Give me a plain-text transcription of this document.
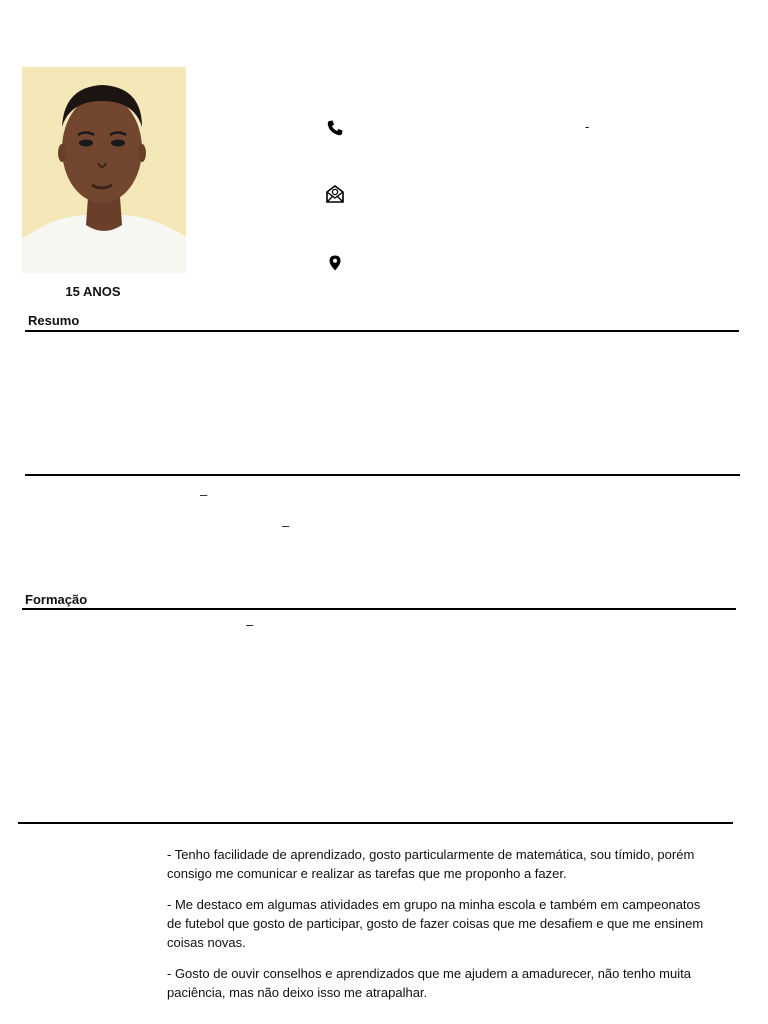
15 ANOS
-
Resumo
–
–
Formação
–

- Tenho facilidade de aprendizado, gosto particularmente de matemática, sou tímido, porém consigo me comunicar e realizar as tarefas que me proponho a fazer.

- Me destaco em algumas atividades em grupo na minha escola e também em campeonatos de futebol que gosto de participar, gosto de fazer coisas que me desafiem e que me ensinem coisas novas.

- Gosto de ouvir conselhos e aprendizados que me ajudem a amadurecer, não tenho muita paciência, mas não deixo isso me atrapalhar.
